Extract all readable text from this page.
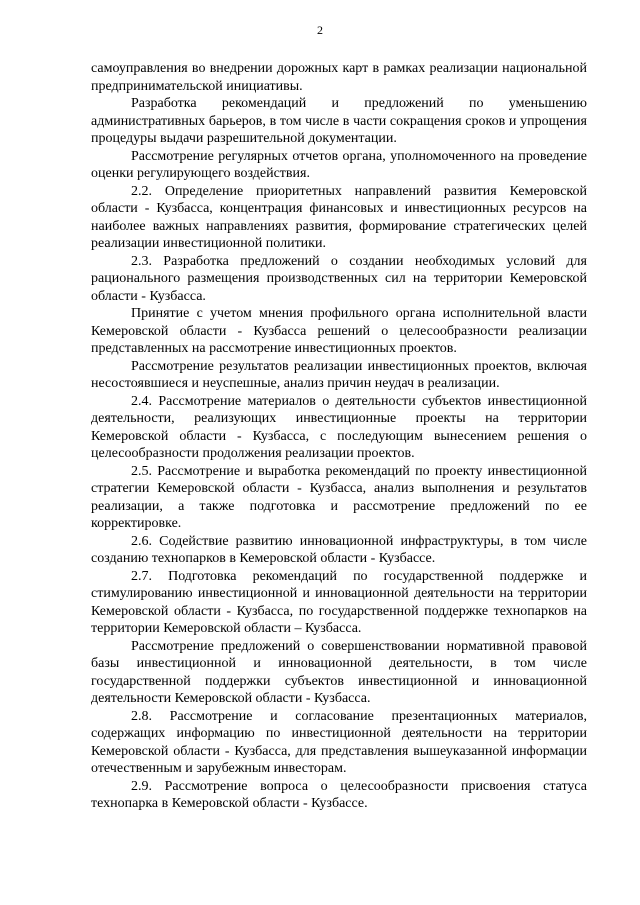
2

самоуправления во внедрении дорожных карт в рамках реализации национальной предпринимательской инициативы.

Разработка рекомендаций и предложений по уменьшению административных барьеров, в том числе в части сокращения сроков и упрощения процедуры выдачи разрешительной документации.

Рассмотрение регулярных отчетов органа, уполномоченного на проведение оценки регулирующего воздействия.

2.2. Определение приоритетных направлений развития Кемеровской области - Кузбасса, концентрация финансовых и инвестиционных ресурсов на наиболее важных направлениях развития, формирование стратегических целей реализации инвестиционной политики.

2.3. Разработка предложений о создании необходимых условий для рационального размещения производственных сил на территории Кемеровской области - Кузбасса.

Принятие с учетом мнения профильного органа исполнительной власти Кемеровской области - Кузбасса решений о целесообразности реализации представленных на рассмотрение инвестиционных проектов.

Рассмотрение результатов реализации инвестиционных проектов, включая несостоявшиеся и неуспешные, анализ причин неудач в реализации.

2.4. Рассмотрение материалов о деятельности субъектов инвестиционной деятельности, реализующих инвестиционные проекты на территории Кемеровской области - Кузбасса, с последующим вынесением решения о целесообразности продолжения реализации проектов.

2.5. Рассмотрение и выработка рекомендаций по проекту инвестиционной стратегии Кемеровской области - Кузбасса, анализ выполнения и результатов реализации, а также подготовка и рассмотрение предложений по ее корректировке.

2.6. Содействие развитию инновационной инфраструктуры, в том числе созданию технопарков в Кемеровской области - Кузбассе.

2.7. Подготовка рекомендаций по государственной поддержке и стимулированию инвестиционной и инновационной деятельности на территории Кемеровской области - Кузбасса, по государственной поддержке технопарков на территории Кемеровской области – Кузбасса.

Рассмотрение предложений о совершенствовании нормативной правовой базы инвестиционной и инновационной деятельности, в том числе государственной поддержки субъектов инвестиционной и инновационной деятельности Кемеровской области - Кузбасса.

2.8. Рассмотрение и согласование презентационных материалов, содержащих информацию по инвестиционной деятельности на территории Кемеровской области - Кузбасса, для представления вышеуказанной информации отечественным и зарубежным инвесторам.

2.9. Рассмотрение вопроса о целесообразности присвоения статуса технопарка в Кемеровской области - Кузбассе.
